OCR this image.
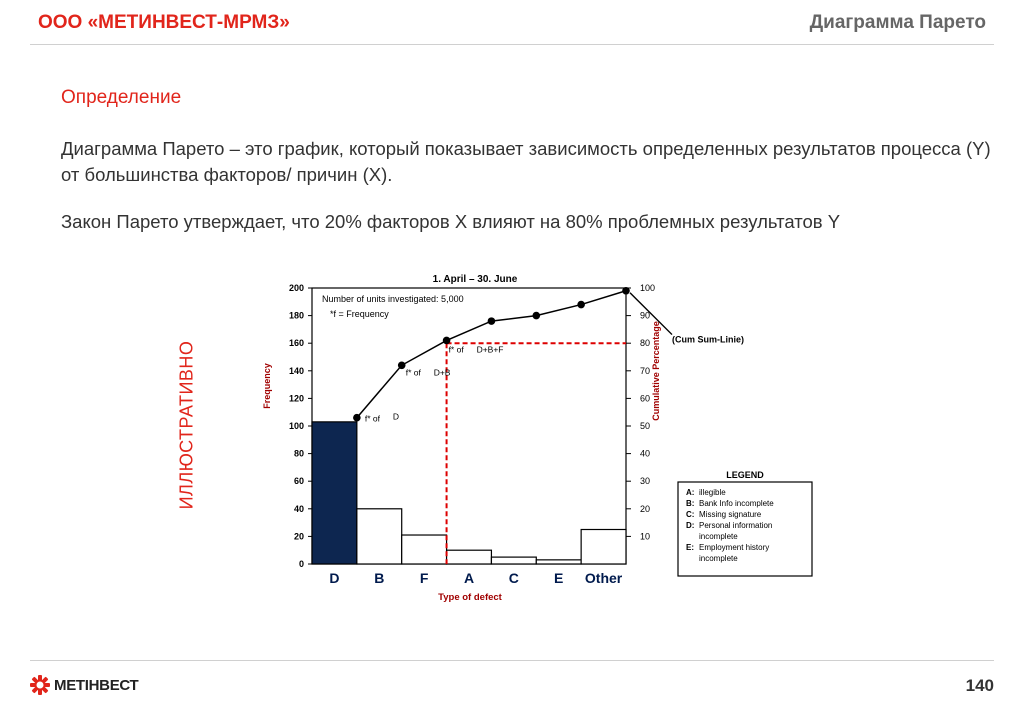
ООО «МЕТИНВЕСТ-МРМЗ»	Диаграмма Парето
Определение
Диаграмма Парето – это график, который показывает зависимость определенных результатов процесса (Y) от большинства факторов/ причин (X).
Закон Парето утверждает, что 20% факторов X влияют на 80% проблемных результатов Y
ИЛЛЮСТРАТИВНО
1. April – 30. June
Number of units investigated: 5,000
*f = Frequency
0
20
40
60
80
100
120
140
160
180
200
10
20
30
40
50
60
70
80
90
100
Frequency	Cumulative Percentage
Type of defect
D B	F	A C	E Other
f* of D
f* of D+B
f* of D+B+F
(Cum Sum-Linie)
LEGEND
A: illegible
B: Bank Info incomplete
C: Missing signature
D: Personal information
incomplete
E: Employment history
incomplete
МЕТІНВЕСТ	140
